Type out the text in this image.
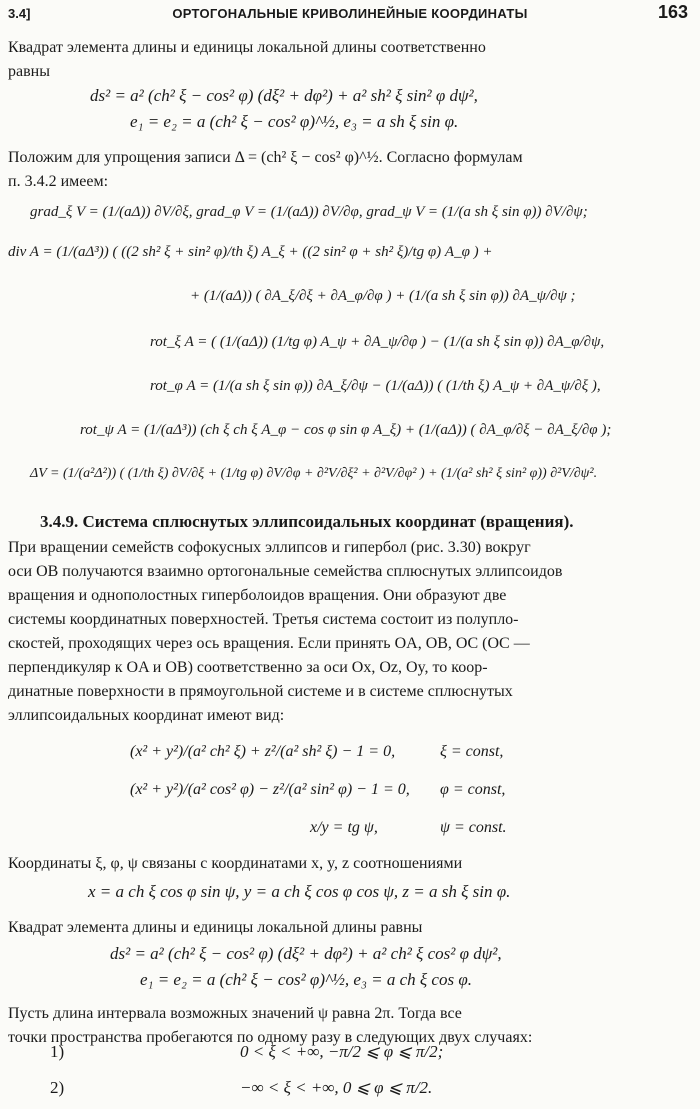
3.4]	ОРТОГОНАЛЬНЫЕ КРИВОЛИНЕЙНЫЕ КООРДИНАТЫ	163
Квадрат элемента длины и единицы локальной длины соответственно
равны
ds² = a² (ch² ξ − cos² φ) (dξ² + dφ²) + a² sh² ξ sin² φ dψ²,
e₁ = e₂ = a (ch² ξ − cos² φ)^½, e₃ = a sh ξ sin φ.
Положим для упрощения записи Δ = (ch² ξ − cos² φ)^½. Согласно формулам
п. 3.4.2 имеем:
grad_ξ V = (1/(aΔ)) ∂V/∂ξ, grad_φ V = (1/(aΔ)) ∂V/∂φ, grad_ψ V = (1/(a sh ξ sin φ)) ∂V/∂ψ;
div A = (1/(aΔ³)) ( ((2 sh² ξ + sin² φ)/th ξ) A_ξ + ((2 sin² φ + sh² ξ)/tg φ) A_φ ) +
+ (1/(aΔ)) ( ∂A_ξ/∂ξ + ∂A_φ/∂φ ) + (1/(a sh ξ sin φ)) ∂A_ψ/∂ψ ;
rot_ξ A = ( (1/(aΔ)) (1/tg φ) A_ψ + ∂A_ψ/∂φ ) − (1/(a sh ξ sin φ)) ∂A_φ/∂ψ,
rot_φ A = (1/(a sh ξ sin φ)) ∂A_ξ/∂ψ − (1/(aΔ)) ( (1/th ξ) A_ψ + ∂A_ψ/∂ξ ),
rot_ψ A = (1/(aΔ³)) (ch ξ ch ξ A_φ − cos φ sin φ A_ξ) + (1/(aΔ)) ( ∂A_φ/∂ξ − ∂A_ξ/∂φ );
ΔV = (1/(a²Δ²)) ( (1/th ξ) ∂V/∂ξ + (1/tg φ) ∂V/∂φ + ∂²V/∂ξ² + ∂²V/∂φ² ) + (1/(a² sh² ξ sin² φ)) ∂²V/∂ψ².
3.4.9. Система сплюснутых эллипсоидальных координат (вращения).
При вращении семейств софокусных эллипсов и гипербол (рис. 3.30) вокруг
оси OB получаются взаимно ортогональные семейства сплюснутых эллипсоидов
вращения и однополостных гиперболоидов вращения. Они образуют две
системы координатных поверхностей. Третья система состоит из полупло-
скостей, проходящих через ось вращения. Если принять OA, OB, OC (OC —
перпендикуляр к OA и OB) соответственно за оси Ox, Oz, Oy, то коор-
динатные поверхности в прямоугольной системе и в системе сплюснутых
эллипсоидальных координат имеют вид:
(x² + y²)/(a² ch² ξ) + z²/(a² sh² ξ) − 1 = 0,	ξ = const,
(x² + y²)/(a² cos² φ) − z²/(a² sin² φ) − 1 = 0, φ = const,
x/y = tg ψ,	ψ = const.
Координаты ξ, φ, ψ связаны с координатами x, y, z соотношениями
x = a ch ξ cos φ sin ψ, y = a ch ξ cos φ cos ψ, z = a sh ξ sin φ.
Квадрат элемента длины и единицы локальной длины равны
ds² = a² (ch² ξ − cos² φ) (dξ² + dφ²) + a² ch² ξ cos² φ dψ²,
e₁ = e₂ = a (ch² ξ − cos² φ)^½, e₃ = a ch ξ cos φ.
Пусть длина интервала возможных значений ψ равна 2π. Тогда все
точки пространства пробегаются по одному разу в следующих двух случаях:
1)	0 < ξ < +∞, −π/2 ⩽ φ ⩽ π/2;
2)	−∞ < ξ < +∞, 0 ⩽ φ ⩽ π/2.
